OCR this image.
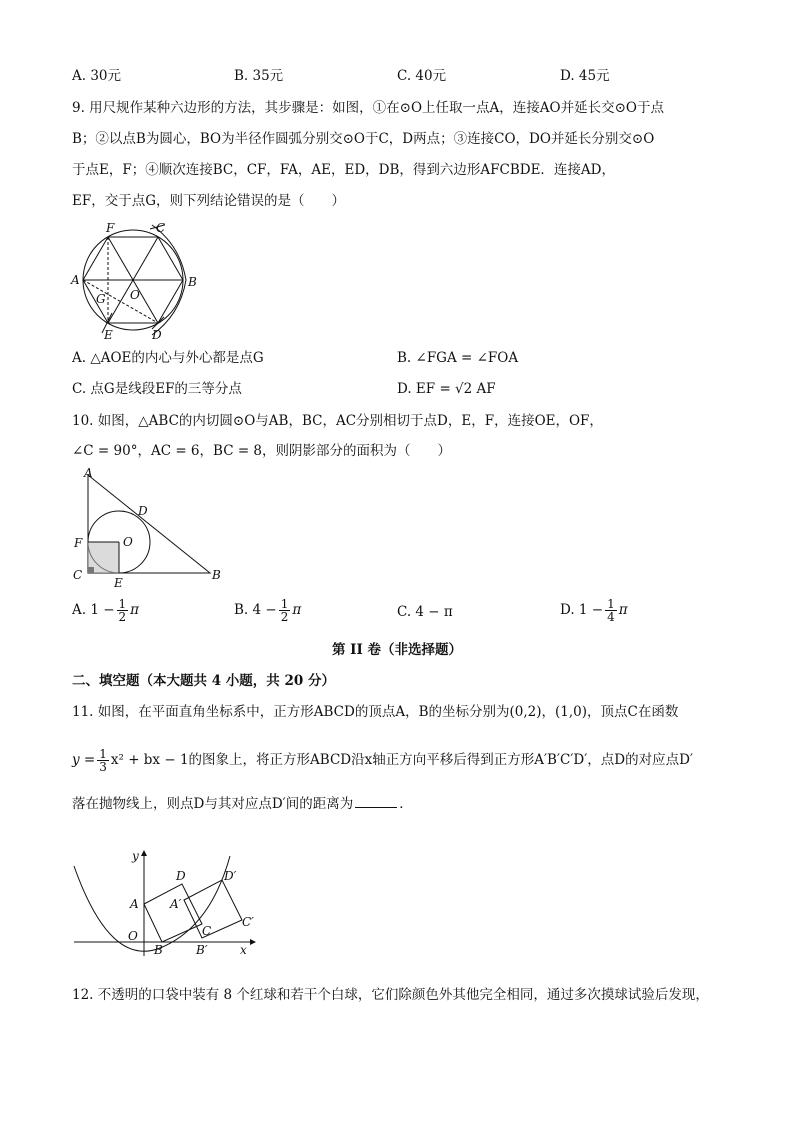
A. 30元	B. 35元	C. 40元	D. 45元
9. 用尺规作某种六边形的方法，其步骤是：如图，①在⊙O上任取一点A，连接AO并延长交⊙O于点
B；②以点B为圆心，BO为半径作圆弧分别交⊙O于C，D两点；③连接CO，DO并延长分别交⊙O
于点E，F；④顺次连接BC，CF，FA，AE，ED，DB，得到六边形AFCBDE．连接AD，
EF，交于点G，则下列结论错误的是（　　）
F	C
A	B
G O
E	D
A. △AOE的内心与外心都是点G	B. ∠FGA = ∠FOA
C. 点G是线段EF的三等分点	D. EF = √2 AF
10. 如图，△ABC的内切圆⊙O与AB，BC，AC分别相切于点D，E，F，连接OE，OF，
∠C = 90°，AC = 6，BC = 8，则阴影部分的面积为（　　）
A
D
F	O
C
E
B
A. $1 - \frac{1}{2}$ π	B. $4 - \frac{1}{2}$ π	C. 4 − π	D. $1 - \frac{1}{4}$ π
第 II 卷（非选择题）
二、填空题（本大题共 4 小题，共 20 分）
11. 如图，在平面直角坐标系中，正方形ABCD的顶点A，B的坐标分别为(0,2)，(1,0)，顶点C在函数
$y = \frac{1}{3} x^2$ + bx − 1的图象上，将正方形ABCD沿x轴正方向平移后得到正方形A′B′C′D′，点D的对应点D′
落在抛物线上，则点D与其对应点D′间的距离为	．
y
D	D′
A	A′
C
C′
O
B	B′	x
12. 不透明的口袋中装有 8 个红球和若干个白球，它们除颜色外其他完全相同，通过多次摸球试验后发现，
